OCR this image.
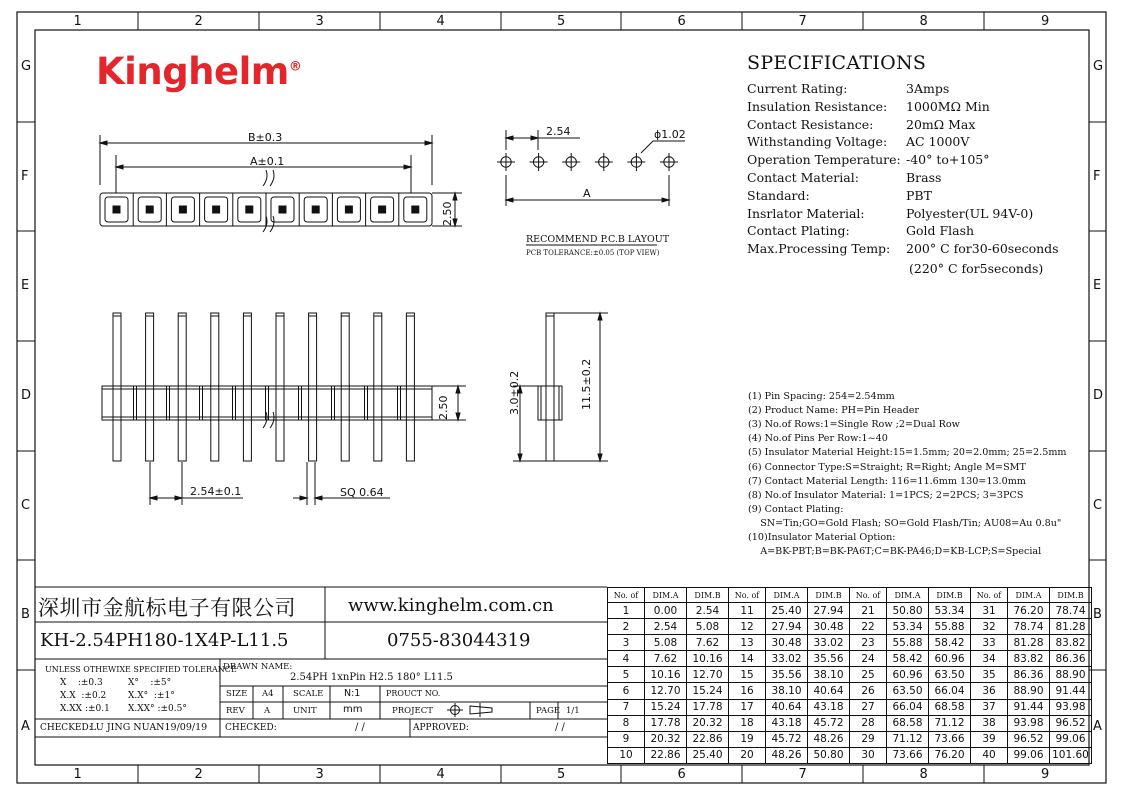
1
1
2
2
3
3
4
4
5
5
6
6
7
7
8
8
9
9
G	G
F	F
E	E
D	D
C	C
B	B
A	A
Kinghelm®
B±0.3
A±0.1
2.50
2.54	ϕ1.02
A
RECOMMEND P.C.B LAYOUT
PCB TOLERANCE:±0.05 (TOP VIEW)
2.50
2.54±0.1	SQ 0.64
3.0±0.2	11.5±0.2
SPECIFICATIONS
Current Rating:	3Amps
Insulation Resistance: 1000MΩ Min
Contact Resistance:	20mΩ Max
Withstanding Voltage: AC 1000V
Operation Temperature: -40° to+105°
Contact Material:	Brass
Standard:	PBT
Insrlator Material:	Polyester(UL 94V-0)
Contact Plating:	Gold Flash
Max.Processing Temp: 200° C for30-60seconds
(220° C for5seconds)
(1) Pin Spacing: 254=2.54mm
(2) Product Name: PH=Pin Header
(3) No.of Rows:1=Single Row ;2=Dual Row
(4) No.of Pins Per Row:1~40
(5) Insulator Material Height:15=1.5mm; 20=2.0mm; 25=2.5mm
(6) Connector Type:S=Straight; R=Right; Angle M=SMT
(7) Contact Material Length: 116=11.6mm 130=13.0mm
(8) No.of Insulator Material: 1=1PCS; 2=2PCS; 3=3PCS
(9) Contact Plating:
SN=Tin;GO=Gold Flash; SO=Gold Flash/Tin; AU08=Au 0.8u"
(10)Insulator Material Option:
A=BK-PBT;B=BK-PA6T;C=BK-PA46;D=KB-LCP;S=Special
深圳市金航标电子有限公司	www.kinghelm.com.cn
KH-2.54PH180-1X4P-L11.5	0755-83044319
UNLESS OTHEWIXE SPECIFIED TOLERANCE
X    :±0.3	X°    :±5°
X.X  :±0.2 X.X°  :±1°
X.XX :±0.1 X.XX° :±0.5°
DRAWN NAME:
2.54PH 1xnPin H2.5 180° L11.5
SIZE A4 SCALE N:1	PROUCT NO.
REV A	UNIT	mm	PROJECT	PAGE 1/1
CHECKED:
LU JING NUAN19/09/19 CHECKED:	/ /	APPROVED:	/ /
No. of	DIM.A	DIM.B	No. of	DIM.A	DIM.B	No. of	DIM.A	DIM.B	No. of	DIM.A	DIM.B
1	0.00	2.54	11	25.40	27.94	21	50.80	53.34	31	76.20	78.74
2	2.54	5.08	12	27.94	30.48	22	53.34	55.88	32	78.74	81.28
3	5.08	7.62	13	30.48	33.02	23	55.88	58.42	33	81.28	83.82
4	7.62	10.16	14	33.02	35.56	24	58.42	60.96	34	83.82	86.36
5	10.16	12.70	15	35.56	38.10	25	60.96	63.50	35	86.36	88.90
6	12.70	15.24	16	38.10	40.64	26	63.50	66.04	36	88.90	91.44
7	15.24	17.78	17	40.64	43.18	27	66.04	68.58	37	91.44	93.98
8	17.78	20.32	18	43.18	45.72	28	68.58	71.12	38	93.98	96.52
9	20.32	22.86	19	45.72	48.26	29	71.12	73.66	39	96.52	99.06
10	22.86	25.40	20	48.26	50.80	30	73.66	76.20	40	99.06	101.60
